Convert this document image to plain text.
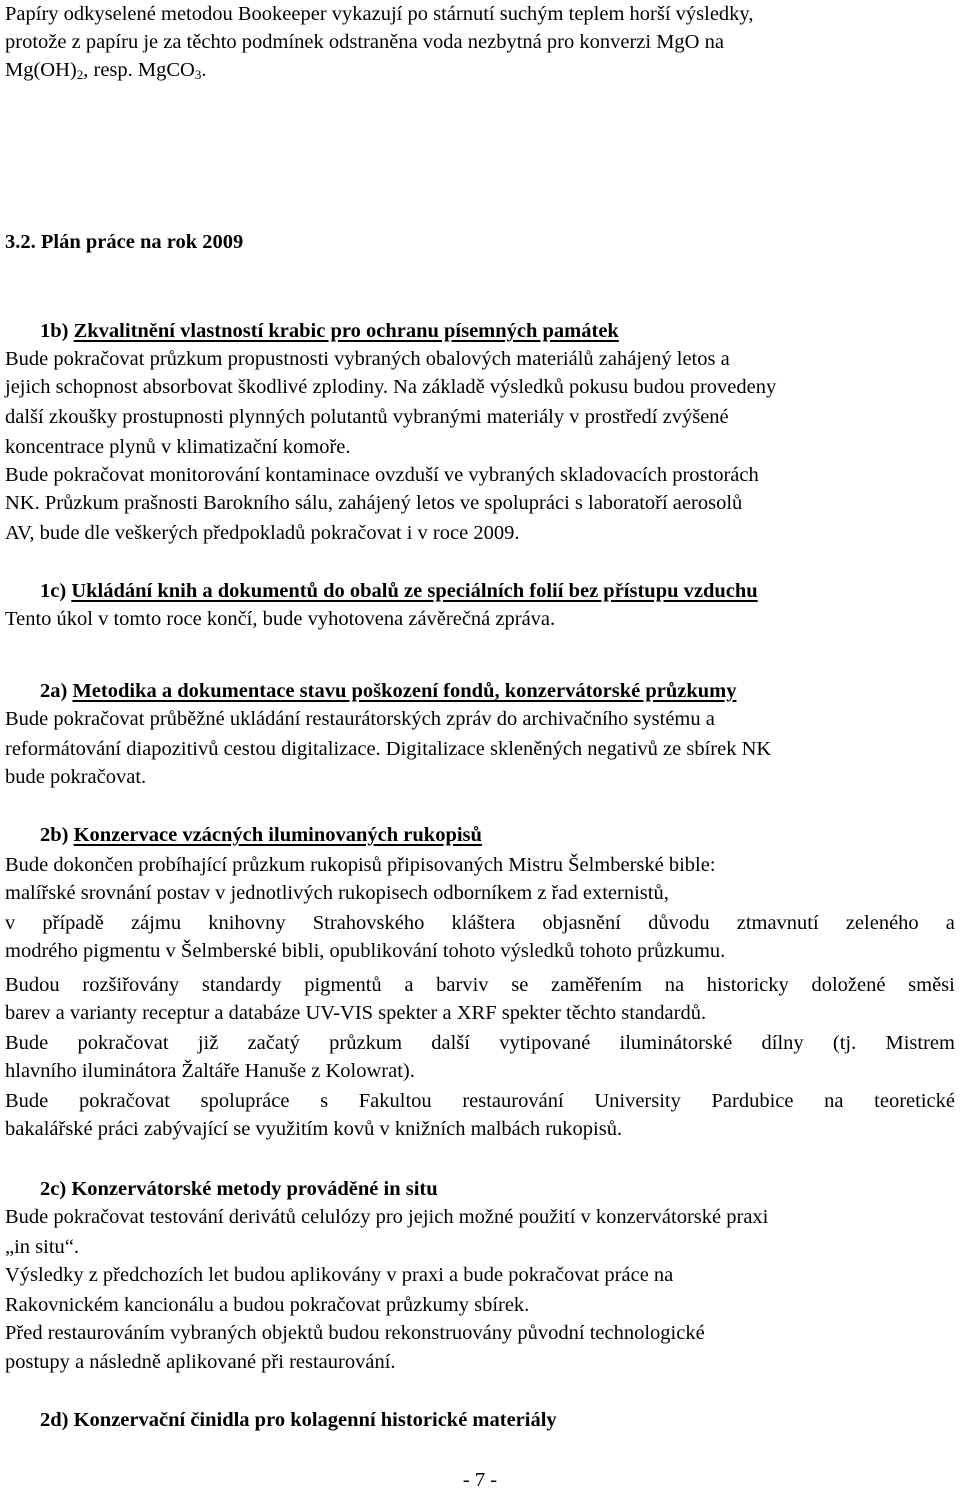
Papíry odkyselené metodou Bookeeper vykazují po stárnutí suchým teplem horší výsledky,
protože z papíru je za těchto podmínek odstraněna voda nezbytná pro konverzi MgO na
$Mg(OH)_2$, resp. MgCO$_3$.
3.2. Plán práce na rok 2009
1b) Zkvalitnění vlastností krabic pro ochranu písemných památek
Bude pokračovat průzkum propustnosti vybraných obalových materiálů zahájený letos a
jejich schopnost absorbovat škodlivé zplodiny. Na základě výsledků pokusu budou provedeny
další zkoušky prostupnosti plynných polutantů vybranými materiály v prostředí zvýšené
koncentrace plynů v klimatizační komoře.
Bude pokračovat monitorování kontaminace ovzduší ve vybraných skladovacích prostorách
NK. Průzkum prašnosti Barokního sálu, zahájený letos ve spolupráci s laboratoří aerosolů
AV, bude dle veškerých předpokladů pokračovat i v roce 2009.
1c) Ukládání knih a dokumentů do obalů ze speciálních folií bez přístupu vzduchu
Tento úkol v tomto roce končí, bude vyhotovena závěrečná zpráva.
2a) Metodika a dokumentace stavu poškození fondů, konzervátorské průzkumy
Bude pokračovat průběžné ukládání restaurátorských zpráv do archivačního systému a
reformátování diapozitivů cestou digitalizace. Digitalizace skleněných negativů ze sbírek NK
bude pokračovat.
2b) Konzervace vzácných iluminovaných rukopisů
Bude dokončen probíhající průzkum rukopisů připisovaných Mistru Šelmberské bible:
malířské srovnání postav v jednotlivých rukopisech odborníkem z řad externistů,
v případě zájmu knihovny Strahovského kláštera objasnění důvodu ztmavnutí zeleného a
modrého pigmentu v Šelmberské bibli, opublikování tohoto výsledků tohoto průzkumu.
Budou rozšiřovány standardy pigmentů a barviv se zaměřením na historicky doložené směsi
barev a varianty receptur a databáze UV-VIS spekter a XRF spekter těchto standardů.
Bude pokračovat již začatý průzkum další vytipované iluminátorské dílny (tj. Mistrem
hlavního iluminátora Žaltáře Hanuše z Kolowrat).
Bude pokračovat spolupráce s Fakultou restaurování University Pardubice na teoretické
bakalářské práci zabývající se využitím kovů v knižních malbách rukopisů.
2c) Konzervátorské metody prováděné in situ
Bude pokračovat testování derivátů celulózy pro jejich možné použití v konzervátorské praxi
„in situ“.
Výsledky z předchozích let budou aplikovány v praxi a bude pokračovat práce na
Rakovnickém kancionálu a budou pokračovat průzkumy sbírek.
Před restaurováním vybraných objektů budou rekonstruovány původní technologické
postupy a následně aplikované při restaurování.
2d) Konzervační činidla pro kolagenní historické materiály
- 7 -
